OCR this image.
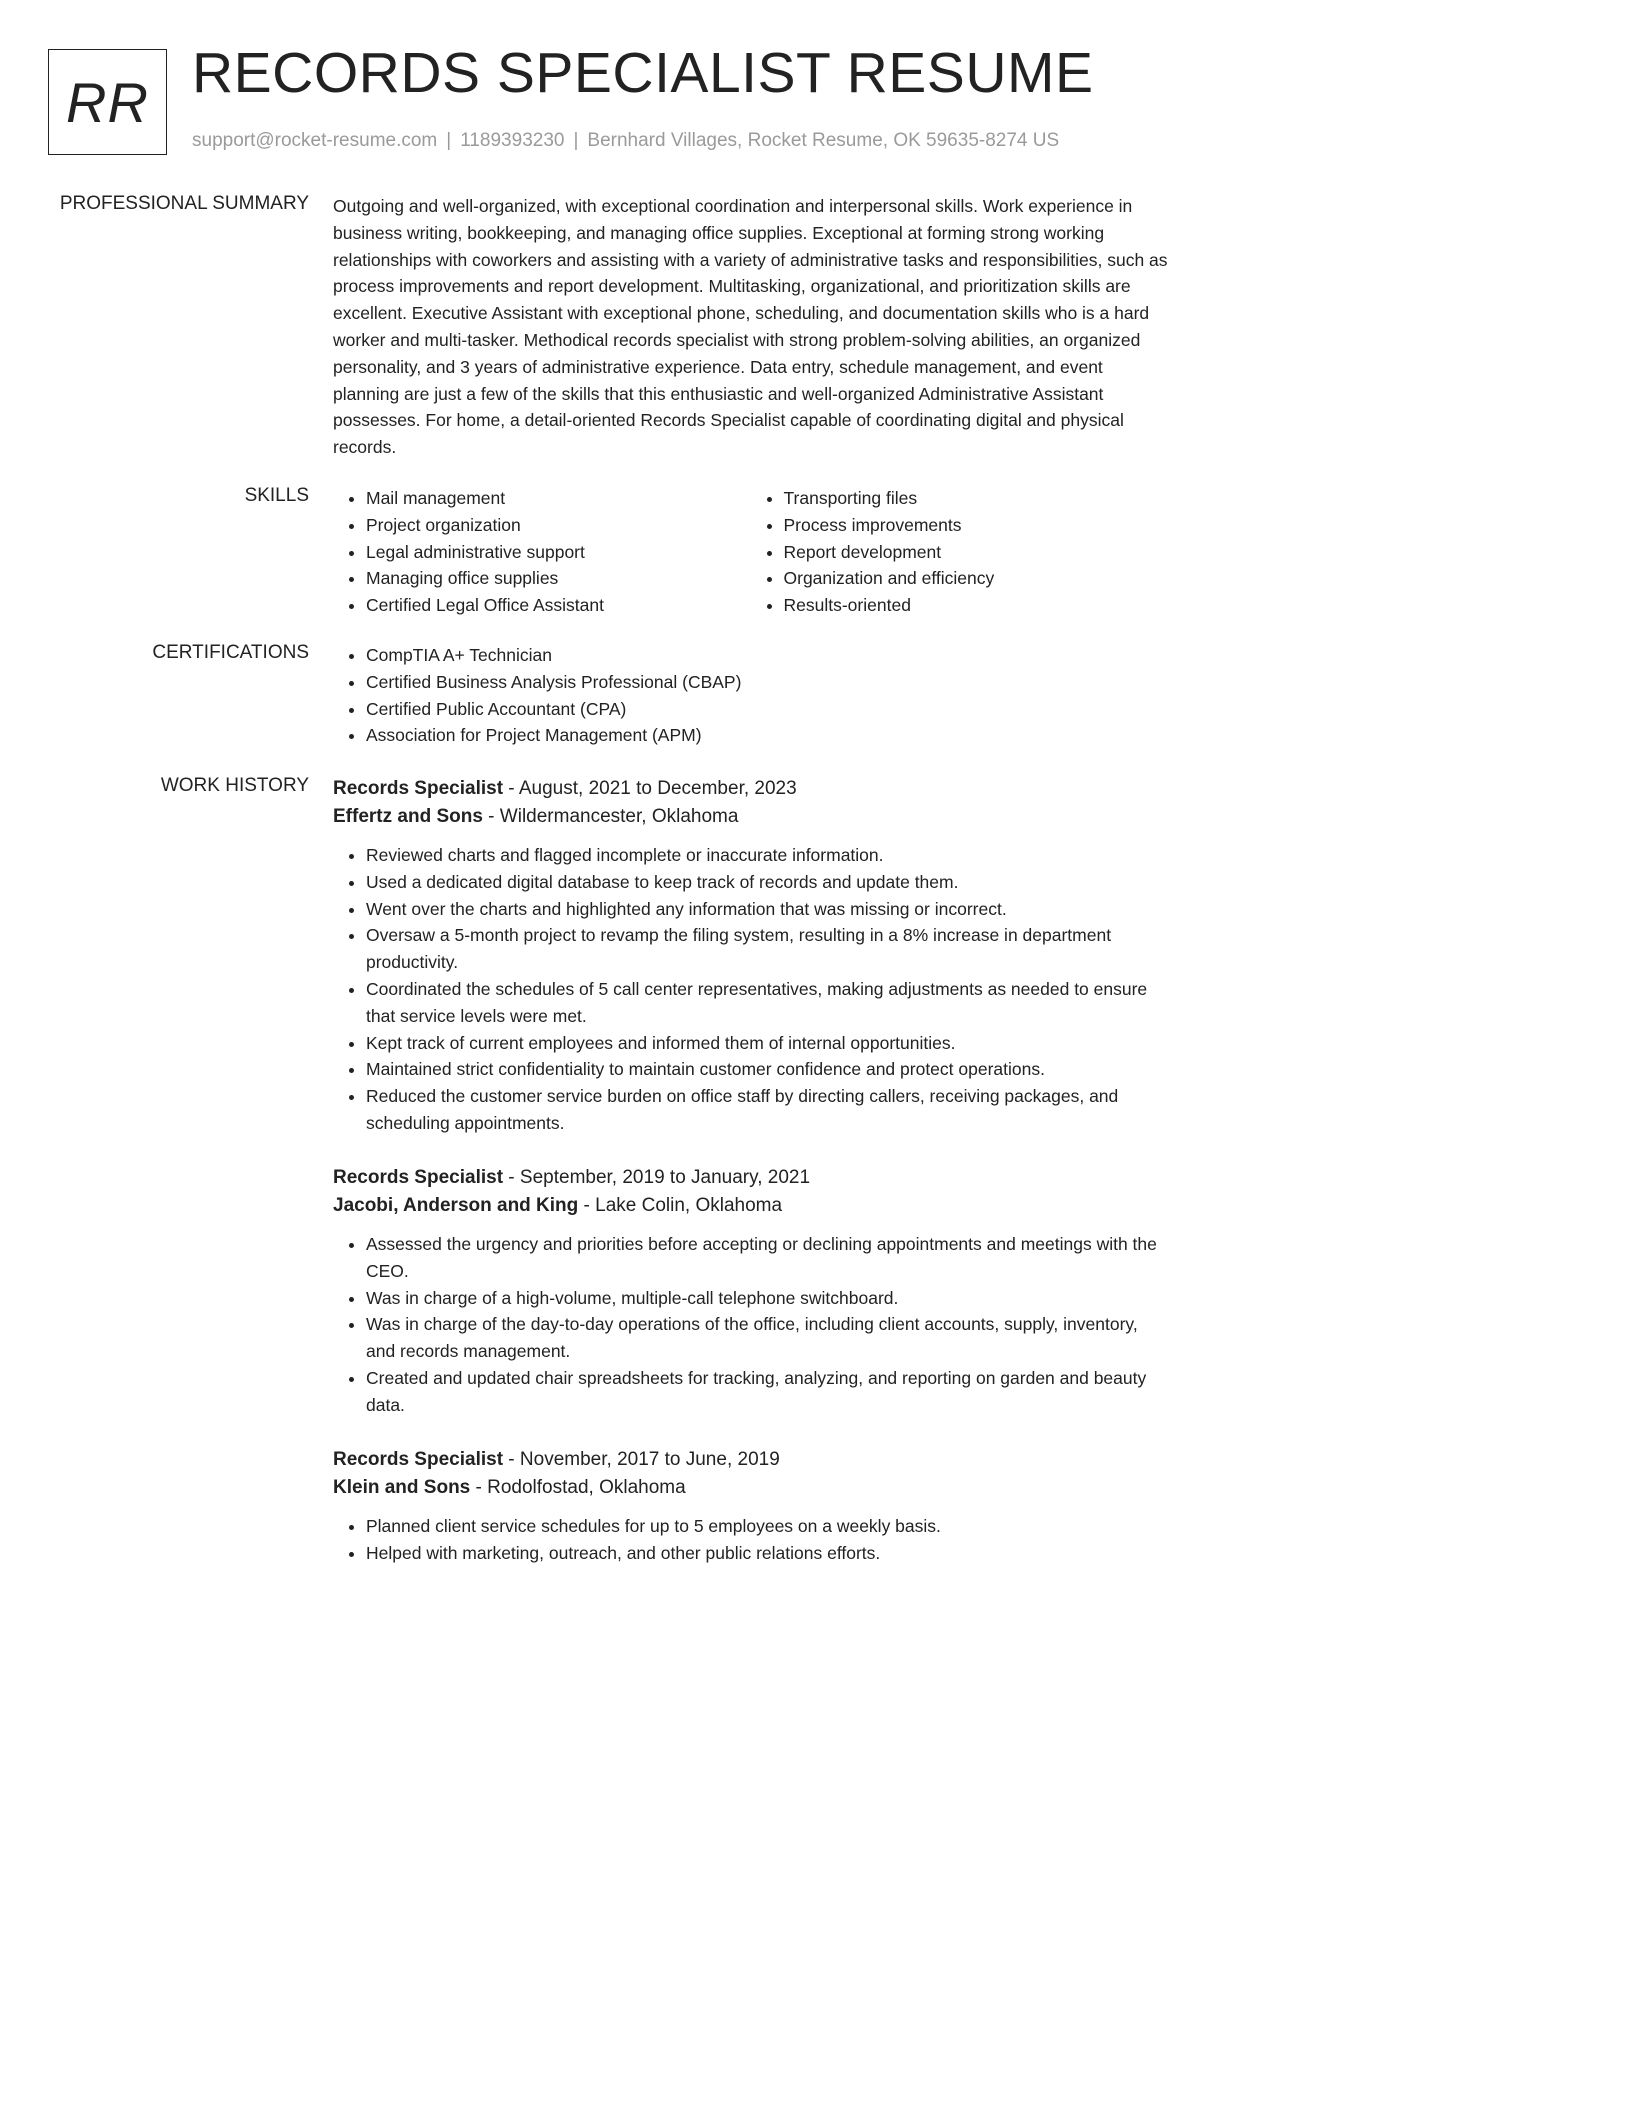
RR RECORDS SPECIALIST RESUME
support@rocket-resume.com | 1189393230 | Bernhard Villages, Rocket Resume, OK 59635-8274 US
PROFESSIONAL SUMMARY Outgoing and well-organized, with exceptional coordination and interpersonal skills. Work experience in business writing, bookkeeping, and managing office supplies. Exceptional at forming strong working relationships with coworkers and assisting with a variety of administrative tasks and responsibilities, such as process improvements and report development. Multitasking, organizational, and prioritization skills are excellent. Executive Assistant with exceptional phone, scheduling, and documentation skills who is a hard worker and multi-tasker. Methodical records specialist with strong problem-solving abilities, an organized personality, and 3 years of administrative experience. Data entry, schedule management, and event planning are just a few of the skills that this enthusiastic and well-organized Administrative Assistant possesses. For home, a detail-oriented Records Specialist capable of coordinating digital and physical records.

SKILLS	• Mail management
• Project organization
• Legal administrative support
• Managing office supplies
• Certified Legal Office Assistant
• Transporting files
• Process improvements
• Report development
• Organization and efficiency
• Results-oriented
CERTIFICATIONS	• CompTIA A+ Technician
• Certified Business Analysis Professional (CBAP)
• Certified Public Accountant (CPA)
• Association for Project Management (APM)
WORK HISTORY Records Specialist - August, 2021 to December, 2023
Effertz and Sons - Wildermancester, Oklahoma
• Reviewed charts and flagged incomplete or inaccurate information.
• Used a dedicated digital database to keep track of records and update them.
• Went over the charts and highlighted any information that was missing or incorrect.
• Oversaw a 5-month project to revamp the filing system, resulting in a 8% increase in department productivity.
• Coordinated the schedules of 5 call center representatives, making adjustments as needed to ensure that service levels were met.
• Kept track of current employees and informed them of internal opportunities.
• Maintained strict confidentiality to maintain customer confidence and protect operations.
• Reduced the customer service burden on office staff by directing callers, receiving packages, and scheduling appointments.
Records Specialist - September, 2019 to January, 2021
Jacobi, Anderson and King - Lake Colin, Oklahoma
• Assessed the urgency and priorities before accepting or declining appointments and meetings with the CEO.
• Was in charge of a high-volume, multiple-call telephone switchboard.
• Was in charge of the day-to-day operations of the office, including client accounts, supply, inventory, and records management.
• Created and updated chair spreadsheets for tracking, analyzing, and reporting on garden and beauty data.
Records Specialist - November, 2017 to June, 2019
Klein and Sons - Rodolfostad, Oklahoma
• Planned client service schedules for up to 5 employees on a weekly basis.
• Helped with marketing, outreach, and other public relations efforts.
